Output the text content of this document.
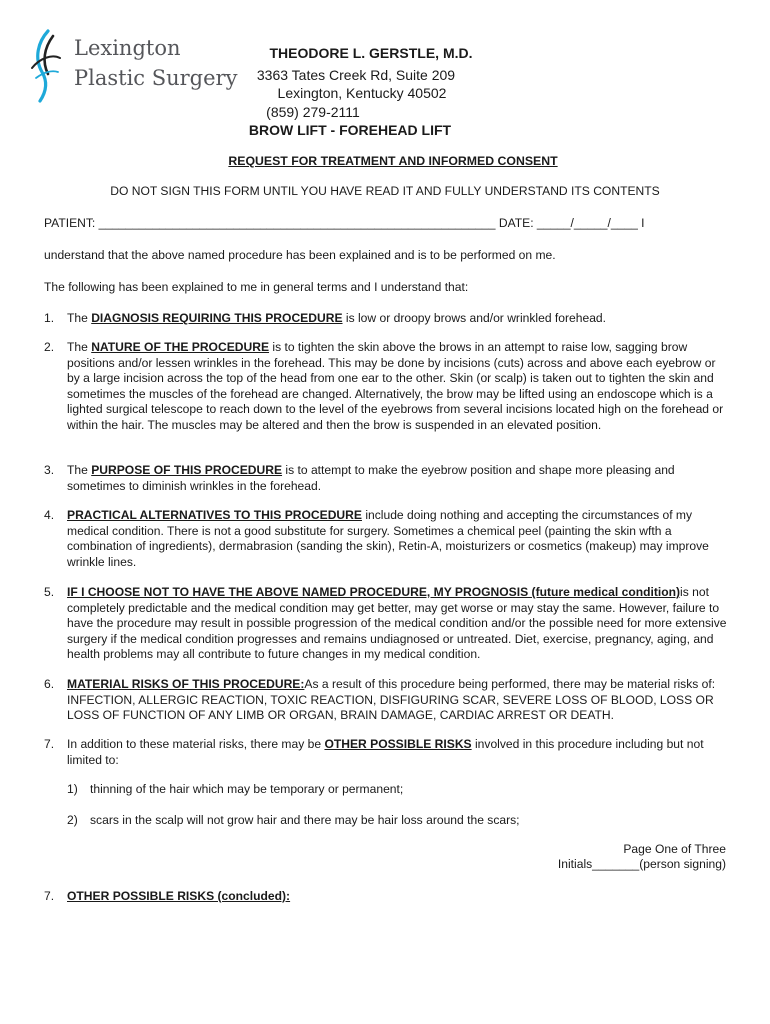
Lexington
Plastic Surgery
THEODORE L. GERSTLE, M.D.
3363 Tates Creek Rd, Suite 209
Lexington, Kentucky 40502
(859) 279-2111
BROW LIFT - FOREHEAD LIFT
REQUEST FOR TREATMENT AND INFORMED CONSENT
DO NOT SIGN THIS FORM UNTIL YOU HAVE READ IT AND FULLY UNDERSTAND ITS CONTENTS
PATIENT: ___________________________________________________________ DATE: _____/_____/____ I
understand that the above named procedure has been explained and is to be performed on me.
The following has been explained to me in general terms and I understand that:
1. The DIAGNOSIS REQUIRING THIS PROCEDURE is low or droopy brows and/or wrinkled forehead.
2. The NATURE OF THE PROCEDURE is to tighten the skin above the brows in an attempt to raise low, sagging brow positions and/or lessen wrinkles in the forehead. This may be done by incisions (cuts) across and above each eyebrow or by a large incision across the top of the head from one ear to the other. Skin (or scalp) is taken out to tighten the skin and sometimes the muscles of the forehead are changed. Alternatively, the brow may be lifted using an endoscope which is a lighted surgical telescope to reach down to the level of the eyebrows from several incisions located high on the forehead or within the hair. The muscles may be altered and then the brow is suspended in an elevated position.
3. The PURPOSE OF THIS PROCEDURE is to attempt to make the eyebrow position and shape more pleasing and sometimes to diminish wrinkles in the forehead.
4. PRACTICAL ALTERNATIVES TO THIS PROCEDURE include doing nothing and accepting the circumstances of my medical condition. There is not a good substitute for surgery. Sometimes a chemical peel (painting the skin wfth a combination of ingredients), dermabrasion (sanding the skin), Retin-A, moisturizers or cosmetics (makeup) may improve wrinkle lines.
5. IF I CHOOSE NOT TO HAVE THE ABOVE NAMED PROCEDURE, MY PROGNOSIS (future medical condition)is not completely predictable and the medical condition may get better, may get worse or may stay the same. However, failure to have the procedure may result in possible progression of the medical condition and/or the possible need for more extensive surgery if the medical condition progresses and remains undiagnosed or untreated. Diet, exercise, pregnancy, aging, and health problems may all contribute to future changes in my medical condition.
6. MATERIAL RISKS OF THIS PROCEDURE:As a result of this procedure being performed, there may be material risks of: INFECTION, ALLERGIC REACTION, TOXIC REACTION, DISFIGURING SCAR, SEVERE LOSS OF BLOOD, LOSS OR LOSS OF FUNCTION OF ANY LIMB OR ORGAN, BRAIN DAMAGE, CARDIAC ARREST OR DEATH.
7. In addition to these material risks, there may be OTHER POSSIBLE RISKS involved in this procedure including but not limited to:
1) thinning of the hair which may be temporary or permanent;
2) scars in the scalp will not grow hair and there may be hair loss around the scars;
Page One of Three
Initials_______(person signing)
7. OTHER POSSIBLE RISKS (concluded):
